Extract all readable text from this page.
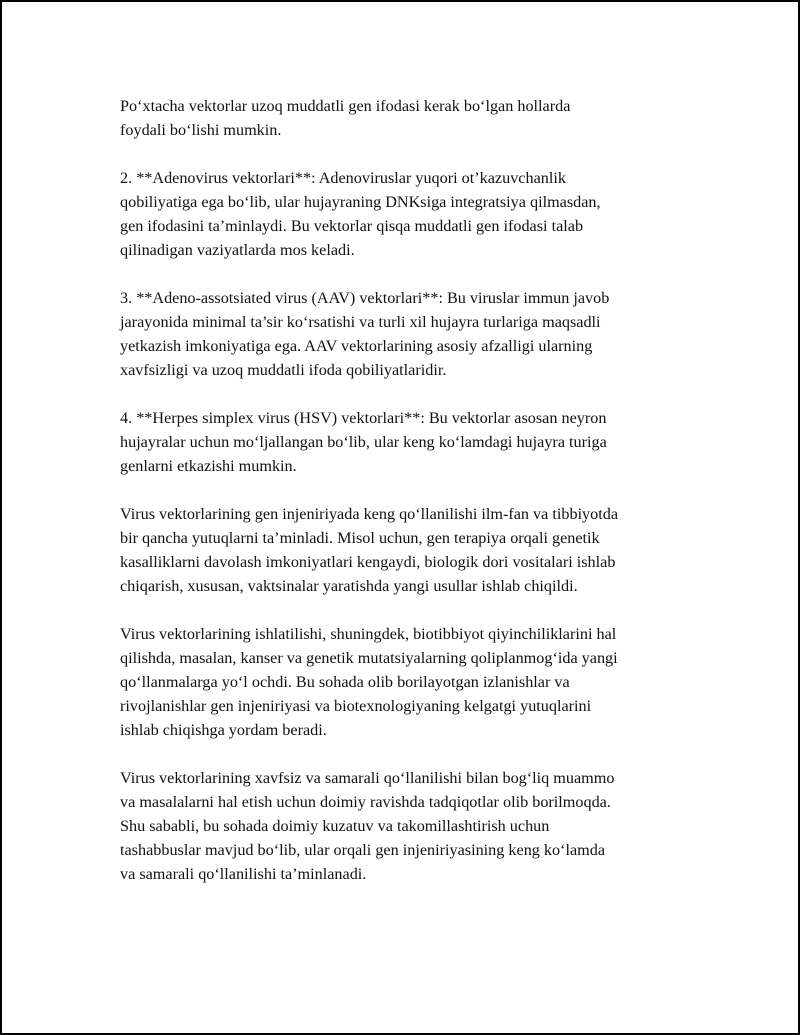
Po‘xtacha vektorlar uzoq muddatli gen ifodasi kerak bo‘lgan hollarda
foydali bo‘lishi mumkin.

2. **Adenovirus vektorlari**: Adenoviruslar yuqori ot’kazuvchanlik
qobiliyatiga ega bo‘lib, ular hujayraning DNKsiga integratsiya qilmasdan,
gen ifodasini ta’minlaydi. Bu vektorlar qisqa muddatli gen ifodasi talab
qilinadigan vaziyatlarda mos keladi.

3. **Adeno-assotsiated virus (AAV) vektorlari**: Bu viruslar immun javob
jarayonida minimal ta’sir ko‘rsatishi va turli xil hujayra turlariga maqsadli
yetkazish imkoniyatiga ega. AAV vektorlarining asosiy afzalligi ularning
xavfsizligi va uzoq muddatli ifoda qobiliyatlaridir.

4. **Herpes simplex virus (HSV) vektorlari**: Bu vektorlar asosan neyron
hujayralar uchun mo‘ljallangan bo‘lib, ular keng ko‘lamdagi hujayra turiga
genlarni etkazishi mumkin.

Virus vektorlarining gen injeniriyada keng qo‘llanilishi ilm-fan va tibbiyotda
bir qancha yutuqlarni ta’minladi. Misol uchun, gen terapiya orqali genetik
kasalliklarni davolash imkoniyatlari kengaydi, biologik dori vositalari ishlab
chiqarish, xususan, vaktsinalar yaratishda yangi usullar ishlab chiqildi.

Virus vektorlarining ishlatilishi, shuningdek, biotibbiyot qiyinchiliklarini hal
qilishda, masalan, kanser va genetik mutatsiyalarning qoliplanmog‘ida yangi
qo‘llanmalarga yo‘l ochdi. Bu sohada olib borilayotgan izlanishlar va
rivojlanishlar gen injeniriyasi va biotexnologiyaning kelgatgi yutuqlarini
ishlab chiqishga yordam beradi.

Virus vektorlarining xavfsiz va samarali qo‘llanilishi bilan bog‘liq muammo
va masalalarni hal etish uchun doimiy ravishda tadqiqotlar olib borilmoqda.
Shu sababli, bu sohada doimiy kuzatuv va takomillashtirish uchun
tashabbuslar mavjud bo‘lib, ular orqali gen injeniriyasining keng ko‘lamda
va samarali qo‘llanilishi ta’minlanadi.
